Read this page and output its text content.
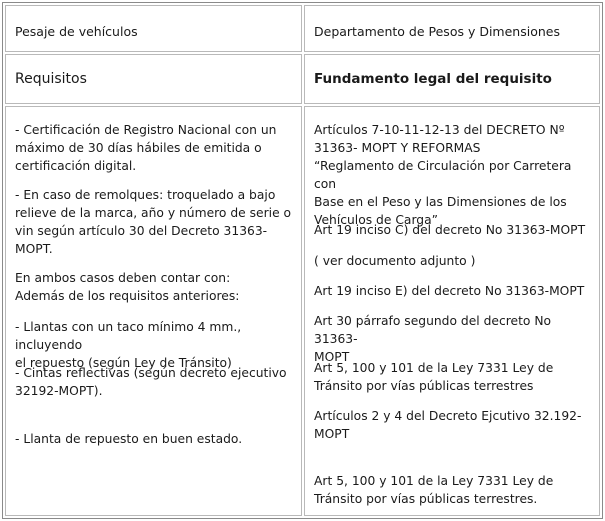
Pesaje de vehículos	Departamento de Pesos y Dimensiones
Requisitos	Fundamento legal del requisito
- Certificación de Registro Nacional con un
máximo de 30 días hábiles de emitida o
certificación digital.
- En caso de remolques: troquelado a bajo
relieve de la marca, año y número de serie o
vin según artículo 30 del Decreto 31363-MOPT.
En ambos casos deben contar con:
Además de los requisitos anteriores:
- Llantas con un taco mínimo 4 mm., incluyendo
el repuesto (según Ley de Tránsito)
- Cintas reflectivas (según decreto ejecutivo
32192-MOPT).
- Llanta de repuesto en buen estado.
Artículos 7-10-11-12-13 del DECRETO Nº
31363- MOPT Y REFORMAS
“Reglamento de Circulación por Carretera con
Base en el Peso y las Dimensiones de los
Vehículos de Carga”
Art 19 inciso C) del decreto No 31363-MOPT
( ver documento adjunto )
Art 19 inciso E) del decreto No 31363-MOPT
Art 30 párrafo segundo del decreto No 31363-
MOPT
Art 5, 100 y 101 de la Ley 7331 Ley de
Tránsito por vías públicas terrestres
Artículos 2 y 4 del Decreto Ejcutivo 32.192-
MOPT
Art 5, 100 y 101 de la Ley 7331 Ley de
Tránsito por vías públicas terrestres.
